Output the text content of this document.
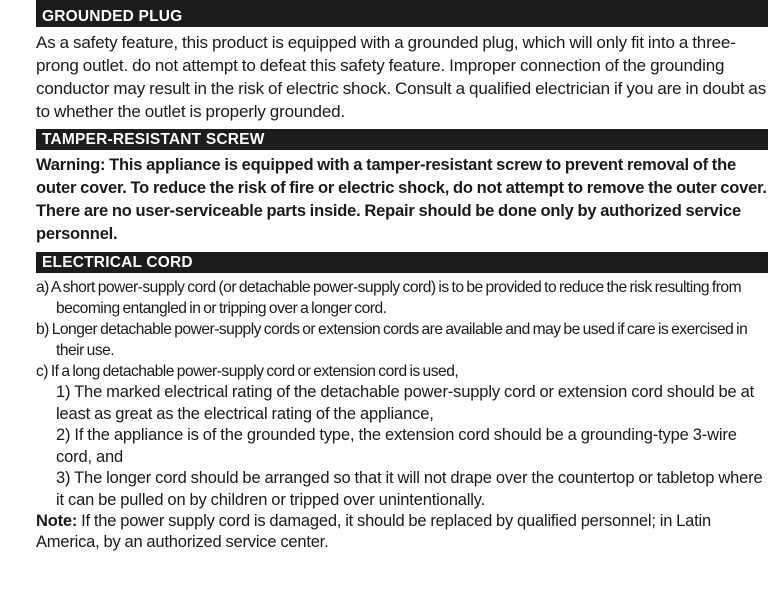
GROUNDED PLUG

As a safety feature, this product is equipped with a grounded plug, which will only fit into a three-prong outlet. do not attempt to defeat this safety feature. Improper connection of the grounding conductor may result in the risk of electric shock. Consult a qualified electrician if you are in doubt as to whether the outlet is properly grounded.

TAMPER-RESISTANT SCREW

Warning: This appliance is equipped with a tamper-resistant screw to prevent removal of the outer cover. To reduce the risk of fire or electric shock, do not attempt to remove the outer cover. There are no user-serviceable parts inside. Repair should be done only by authorized service personnel.

ELECTRICAL CORD
a) A short power-supply cord (or detachable power-supply cord) is to be provided to reduce the risk resulting from becoming entangled in or tripping over a longer cord.
b) Longer detachable power-supply cords or extension cords are available and may be used if care is exercised in their use.
c) If a long detachable power-supply cord or extension cord is used,
1) The marked electrical rating of the detachable power-supply cord or extension cord should be at least as great as the electrical rating of the appliance,
2) If the appliance is of the grounded type, the extension cord should be a grounding-type 3-wire cord, and
3) The longer cord should be arranged so that it will not drape over the countertop or tabletop where it can be pulled on by children or tripped over unintentionally.

Note: If the power supply cord is damaged, it should be replaced by qualified personnel; in Latin America, by an authorized service center.
